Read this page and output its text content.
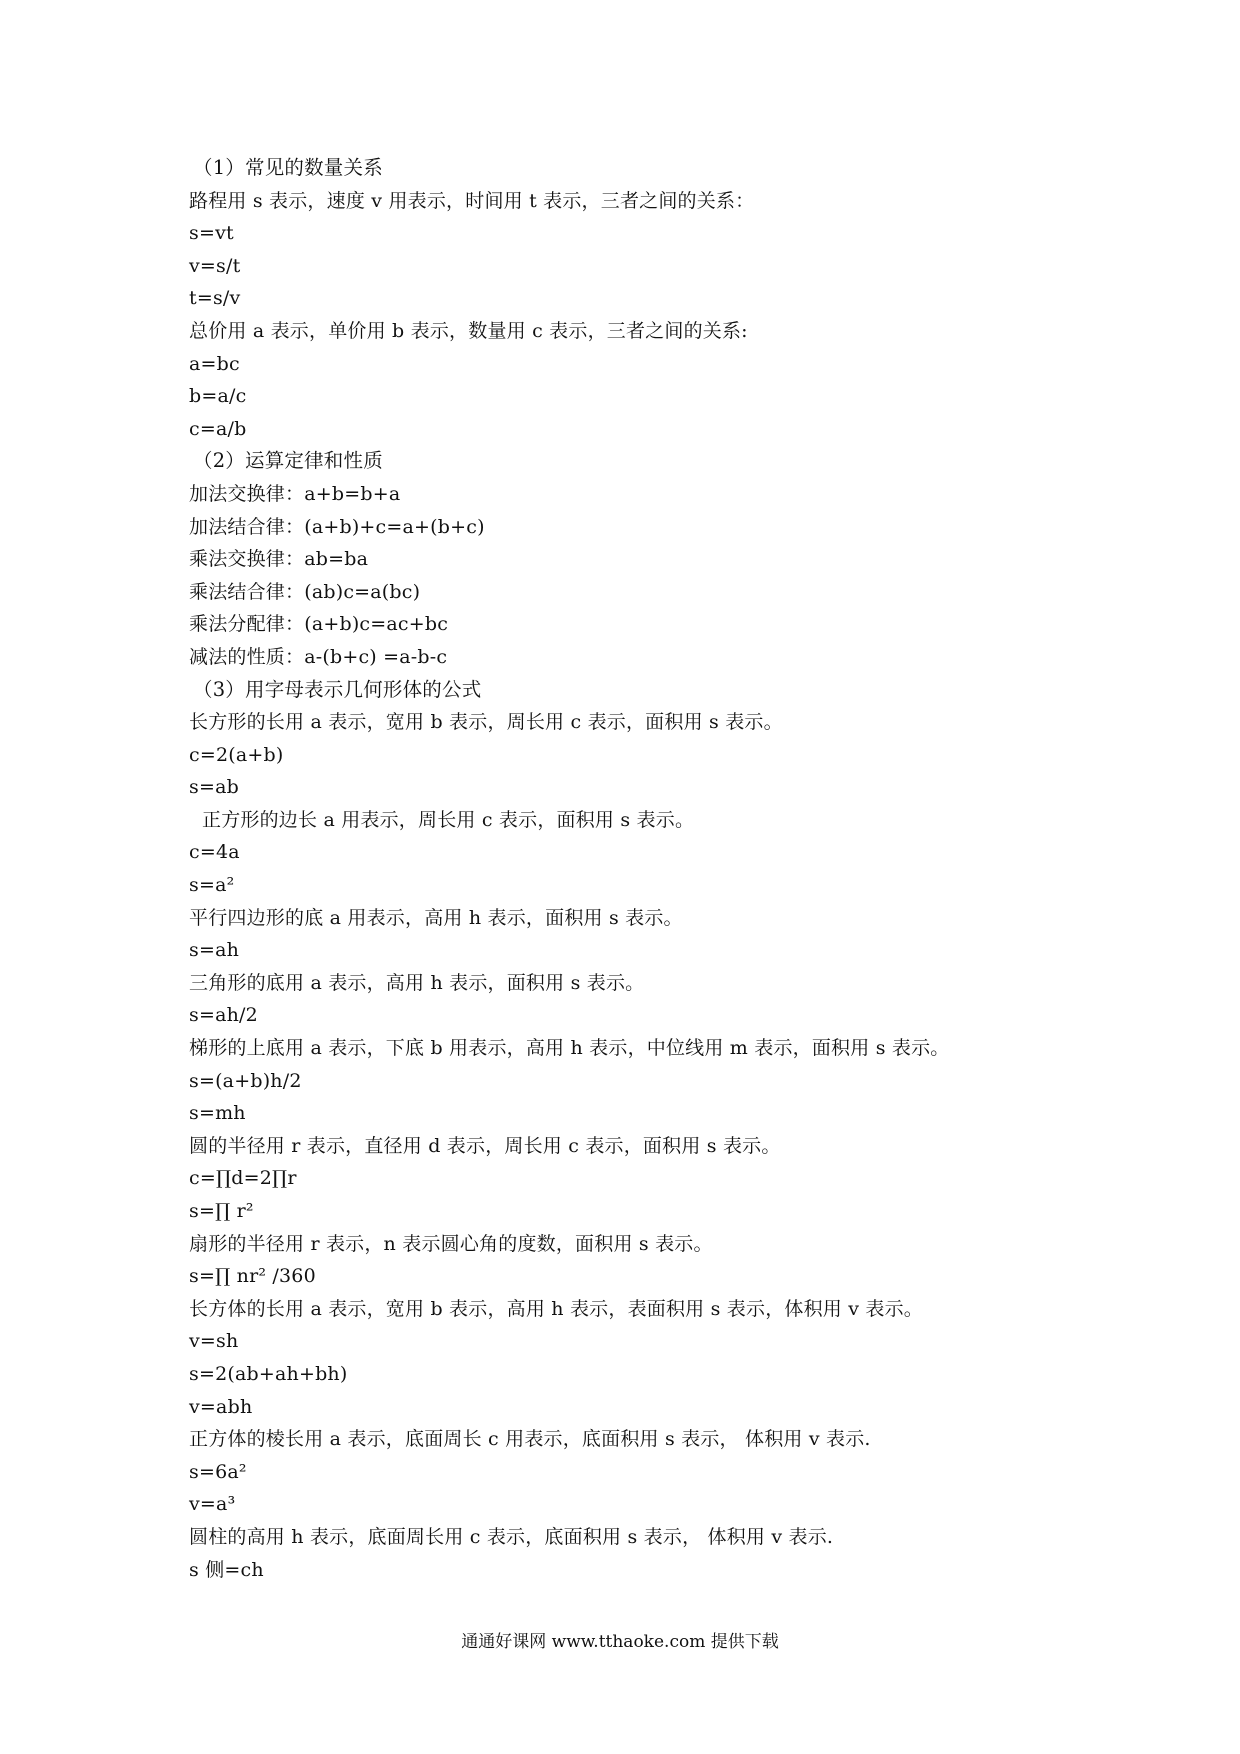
（1）常见的数量关系
路程用 s 表示，速度 v 用表示，时间用 t 表示，三者之间的关系：
s=vt
v=s/t
t=s/v
总价用 a 表示，单价用 b 表示，数量用 c 表示，三者之间的关系:
a=bc
b=a/c
c=a/b
（2）运算定律和性质
加法交换律：a+b=b+a
加法结合律：(a+b)+c=a+(b+c)
乘法交换律：ab=ba
乘法结合律：(ab)c=a(bc)
乘法分配律：(a+b)c=ac+bc
减法的性质：a-(b+c) =a-b-c
（3）用字母表示几何形体的公式
长方形的长用 a 表示，宽用 b 表示，周长用 c 表示，面积用 s 表示。
c=2(a+b)
s=ab
正方形的边长 a 用表示，周长用 c 表示，面积用 s 表示。
c=4a
s=a²
平行四边形的底 a 用表示，高用 h 表示，面积用 s 表示。
s=ah
三角形的底用 a 表示，高用 h 表示，面积用 s 表示。
s=ah/2
梯形的上底用 a 表示，下底 b 用表示，高用 h 表示，中位线用 m 表示，面积用 s 表示。
s=(a+b)h/2
s=mh
圆的半径用 r 表示，直径用 d 表示，周长用 c 表示，面积用 s 表示。
c=∏d=2∏r
s=∏ r²
扇形的半径用 r 表示，n 表示圆心角的度数，面积用 s 表示。
s=∏ nr² /360
长方体的长用 a 表示，宽用 b 表示，高用 h 表示，表面积用 s 表示，体积用 v 表示。
v=sh
s=2(ab+ah+bh)
v=abh
正方体的棱长用 a 表示，底面周长 c 用表示，底面积用 s 表示， 体积用 v 表示.
s=6a²
v=a³
圆柱的高用 h 表示，底面周长用 c 表示，底面积用 s 表示， 体积用 v 表示.
s 侧=ch
通通好课网 www.tthaoke.com 提供下载
